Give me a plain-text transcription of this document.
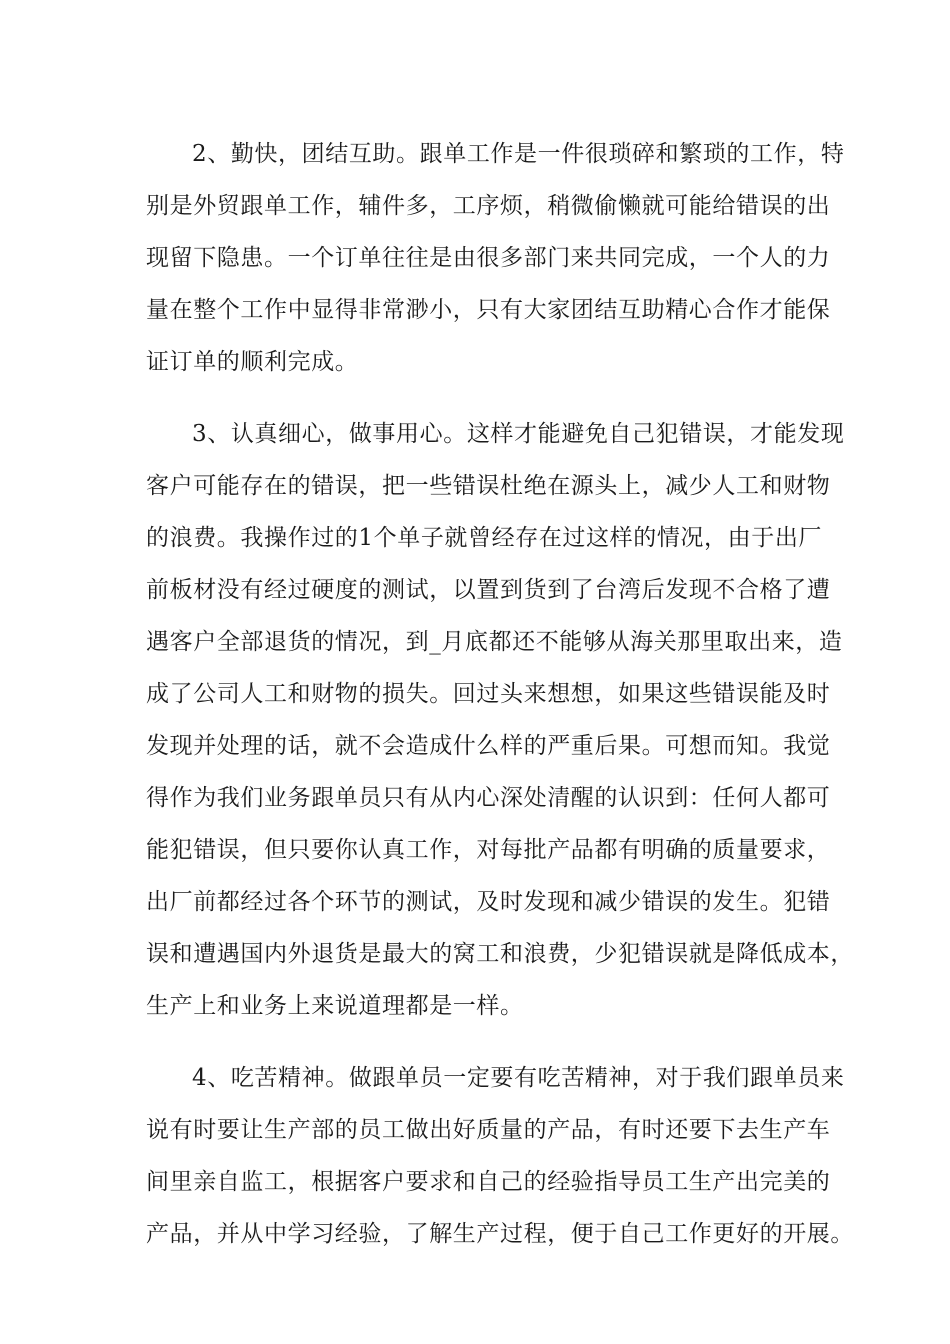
2、勤快，团结互助。跟单工作是一件很琐碎和繁琐的工作，特
别是外贸跟单工作，辅件多，工序烦，稍微偷懒就可能给错误的出
现留下隐患。一个订单往往是由很多部门来共同完成，一个人的力
量在整个工作中显得非常渺小，只有大家团结互助精心合作才能保
证订单的顺利完成。
3、认真细心，做事用心。这样才能避免自己犯错误，才能发现
客户可能存在的错误，把一些错误杜绝在源头上，减少人工和财物
的浪费。我操作过的1个单子就曾经存在过这样的情况，由于出厂
前板材没有经过硬度的测试，以置到货到了台湾后发现不合格了遭
遇客户全部退货的情况，到_月底都还不能够从海关那里取出来，造
成了公司人工和财物的损失。回过头来想想，如果这些错误能及时
发现并处理的话，就不会造成什么样的严重后果。可想而知。我觉
得作为我们业务跟单员只有从内心深处清醒的认识到：任何人都可
能犯错误，但只要你认真工作，对每批产品都有明确的质量要求，
出厂前都经过各个环节的测试，及时发现和减少错误的发生。犯错
误和遭遇国内外退货是最大的窝工和浪费，少犯错误就是降低成本，
生产上和业务上来说道理都是一样。
4、吃苦精神。做跟单员一定要有吃苦精神，对于我们跟单员来
说有时要让生产部的员工做出好质量的产品，有时还要下去生产车
间里亲自监工，根据客户要求和自己的经验指导员工生产出完美的
产品，并从中学习经验，了解生产过程，便于自己工作更好的开展。
